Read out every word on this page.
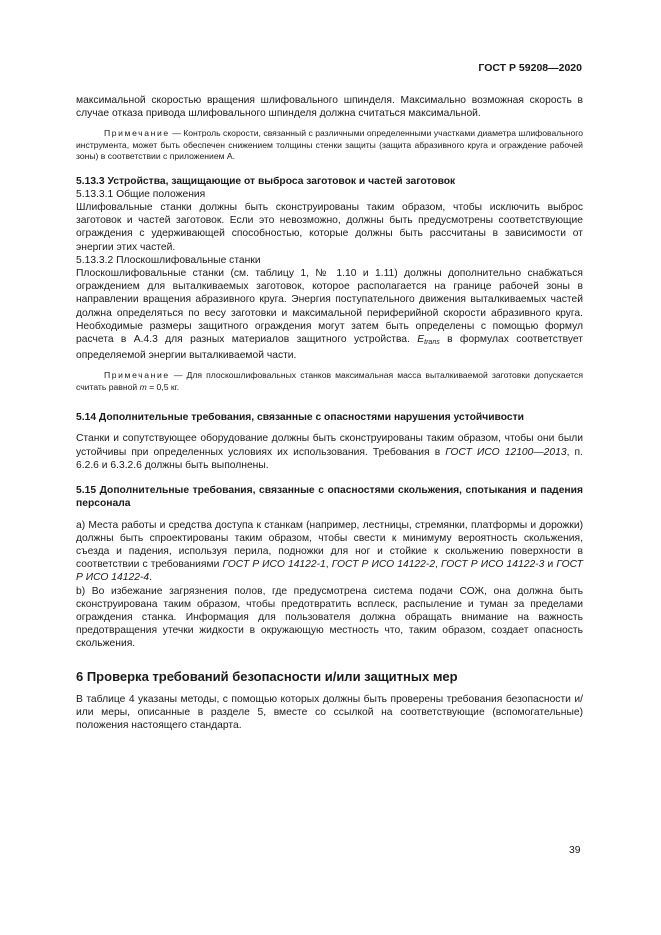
ГОСТ Р 59208—2020

максимальной скоростью вращения шлифовального шпинделя. Максимально возможная скорость в случае отказа привода шлифовального шпинделя должна считаться максимальной.

Примечание — Контроль скорости, связанный с различными определенными участками диаметра шлифовального инструмента, может быть обеспечен снижением толщины стенки защиты (защита абразивного круга и ограждение рабочей зоны) в соответствии с приложением А.

5.13.3 Устройства, защищающие от выброса заготовок и частей заготовок

5.13.3.1 Общие положения

Шлифовальные станки должны быть сконструированы таким образом, чтобы исключить выброс заготовок и частей заготовок. Если это невозможно, должны быть предусмотрены соответствующие ограждения с удерживающей способностью, которые должны быть рассчитаны в зависимости от энергии этих частей.

5.13.3.2 Плоскошлифовальные станки

Плоскошлифовальные станки (см. таблицу 1, № 1.10 и 1.11) должны дополнительно снабжаться ограждением для выталкиваемых заготовок, которое располагается на границе рабочей зоны в направлении вращения абразивного круга. Энергия поступательного движения выталкиваемых частей должна определяться по весу заготовки и максимальной периферийной скорости абразивного круга. Необходимые размеры защитного ограждения могут затем быть определены с помощью формул расчета в А.4.3 для разных материалов защитного устройства. $E_{trans}$ в формулах соответствует определяемой энергии выталкиваемой части.

Примечание — Для плоскошлифовальных станков максимальная масса выталкиваемой заготовки допускается считать равной m = 0,5 кг.

5.14 Дополнительные требования, связанные с опасностями нарушения устойчивости

Станки и сопутствующее оборудование должны быть сконструированы таким образом, чтобы они были устойчивы при определенных условиях их использования. Требования в ГОСТ ИСО 12100—2013, п. 6.2.6 и 6.3.2.6 должны быть выполнены.

5.15 Дополнительные требования, связанные с опасностями скольжения, спотыкания и падения персонала

a) Места работы и средства доступа к станкам (например, лестницы, стремянки, платформы и дорожки) должны быть спроектированы таким образом, чтобы свести к минимуму вероятность скольжения, съезда и падения, используя перила, подножки для ног и стойкие к скольжению поверхности в соответствии с требованиями ГОСТ Р ИСО 14122-1, ГОСТ Р ИСО 14122-2, ГОСТ Р ИСО 14122-3 и ГОСТ Р ИСО 14122-4.

b) Во избежание загрязнения полов, где предусмотрена система подачи СОЖ, она должна быть сконструирована таким образом, чтобы предотвратить всплеск, распыление и туман за пределами ограждения станка. Информация для пользователя должна обращать внимание на важность предотвращения утечки жидкости в окружающую местность что, таким образом, создает опасность скольжения.

6 Проверка требований безопасности и/или защитных мер

В таблице 4 указаны методы, с помощью которых должны быть проверены требования безопасности и/или меры, описанные в разделе 5, вместе со ссылкой на соответствующие (вспомогательные) положения настоящего стандарта.

39
